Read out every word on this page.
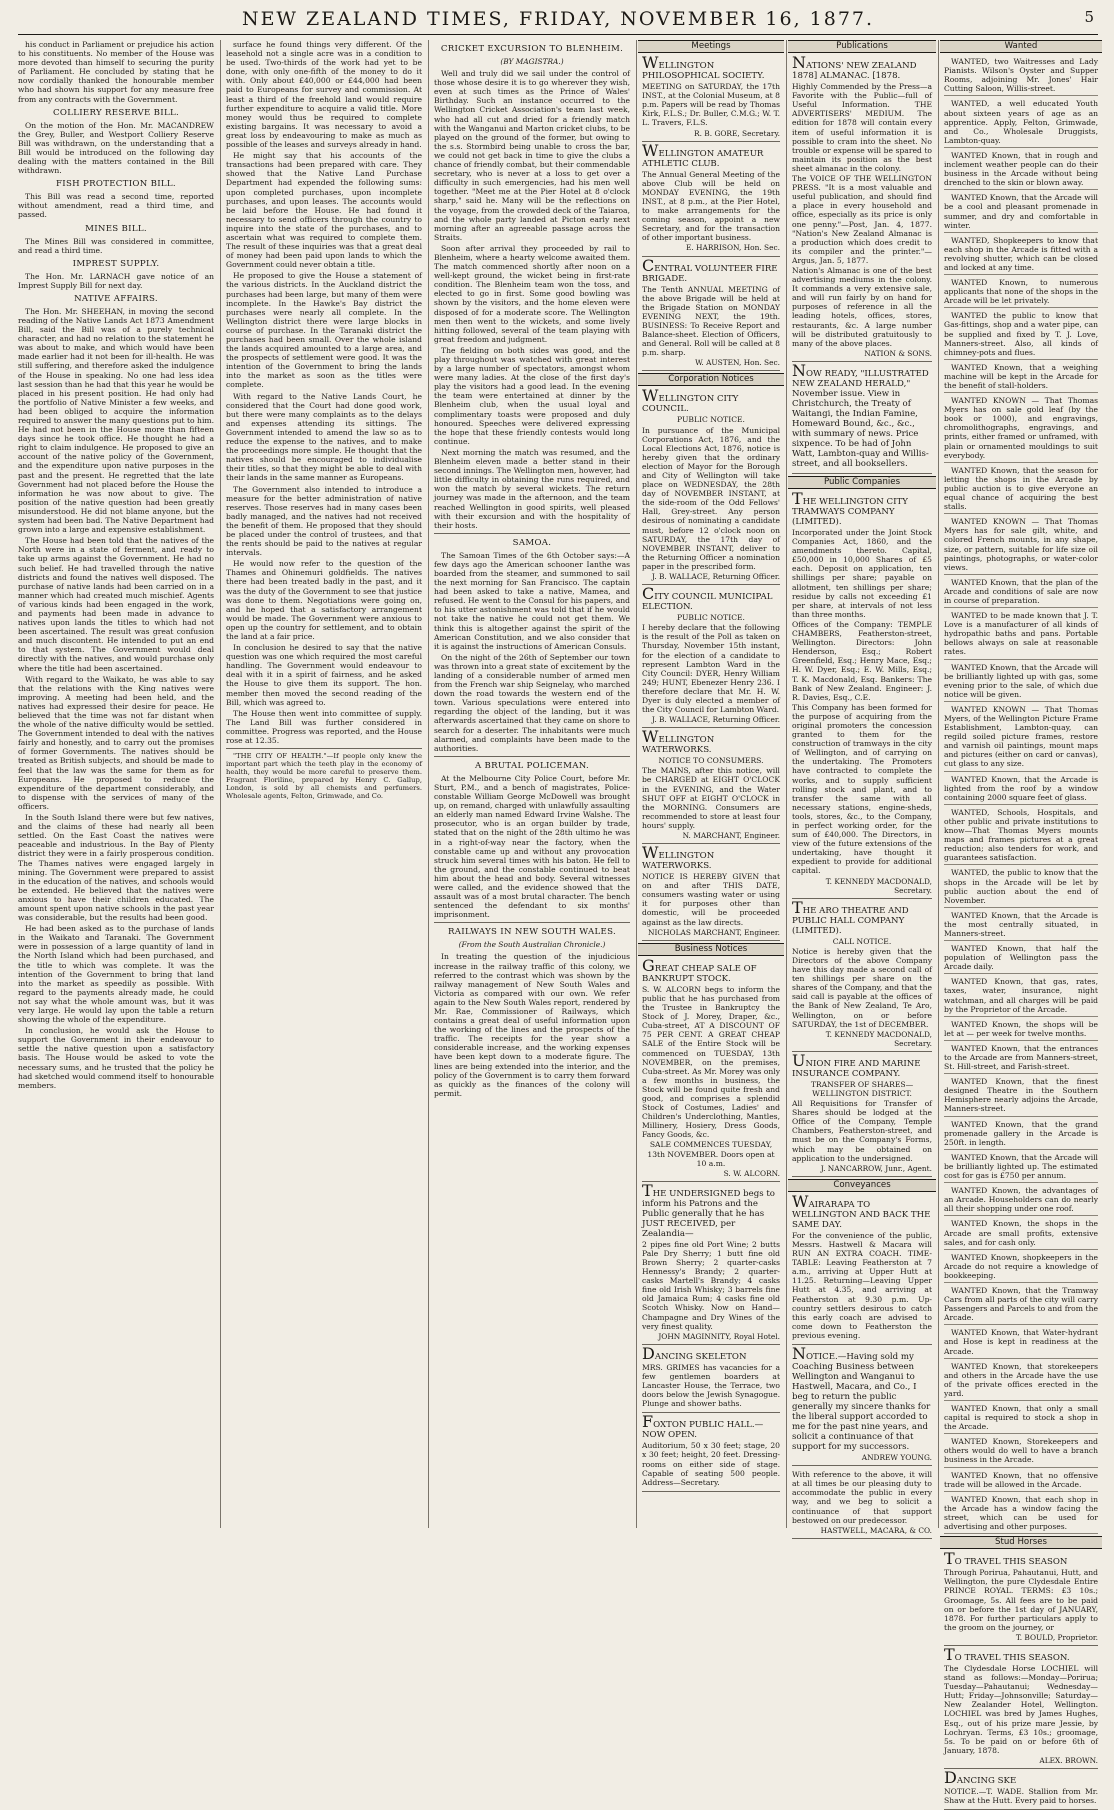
NEW ZEALAND TIMES, FRIDAY, NOVEMBER 16, 1877.	5

his conduct in Parliament or prejudice his action to his constituents. No member of the House was more devoted than himself to securing the purity of Parliament. He concluded by stating that he now cordially thanked the honourable member who had shown his support for any measure free from any contracts with the Government.

COLLIERY RESERVE BILL.

On the motion of the Hon. Mr. MACANDREW the Grey, Buller, and Westport Colliery Reserve Bill was withdrawn, on the understanding that a Bill would be introduced on the following day dealing with the matters contained in the Bill withdrawn.

FISH PROTECTION BILL.

This Bill was read a second time, reported without amendment, read a third time, and passed.

MINES BILL.

The Mines Bill was considered in committee, and read a third time.

IMPREST SUPPLY.

The Hon. Mr. LARNACH gave notice of an Imprest Supply Bill for next day.

NATIVE AFFAIRS.

The Hon. Mr. SHEEHAN, in moving the second reading of the Native Lands Act 1873 Amendment Bill, said the Bill was of a purely technical character, and had no relation to the statement he was about to make, and which would have been made earlier had it not been for ill-health. He was still suffering, and therefore asked the indulgence of the House in speaking. No one had less idea last session than he had that this year he would be placed in his present position. He had only had the portfolio of Native Minister a few weeks, and had been obliged to acquire the information required to answer the many questions put to him. He had not been in the House more than fifteen days since he took office. He thought he had a right to claim indulgence. He proposed to give an account of the native policy of the Government, and the expenditure upon native purposes in the past and the present. He regretted that the late Government had not placed before the House the information he was now about to give. The position of the native question had been greatly misunderstood. He did not blame anyone, but the system had been bad. The Native Department had grown into a large and expensive establishment.

The House had been told that the natives of the North were in a state of ferment, and ready to take up arms against the Government. He had no such belief. He had travelled through the native districts and found the natives well disposed. The purchase of native lands had been carried on in a manner which had created much mischief. Agents of various kinds had been engaged in the work, and payments had been made in advance to natives upon lands the titles to which had not been ascertained. The result was great confusion and much discontent. He intended to put an end to that system. The Government would deal directly with the natives, and would purchase only where the title had been ascertained.

With regard to the Waikato, he was able to say that the relations with the King natives were improving. A meeting had been held, and the natives had expressed their desire for peace. He believed that the time was not far distant when the whole of the native difficulty would be settled. The Government intended to deal with the natives fairly and honestly, and to carry out the promises of former Governments. The natives should be treated as British subjects, and should be made to feel that the law was the same for them as for Europeans. He proposed to reduce the expenditure of the department considerably, and to dispense with the services of many of the officers.

In the South Island there were but few natives, and the claims of these had nearly all been settled. On the East Coast the natives were peaceable and industrious. In the Bay of Plenty district they were in a fairly prosperous condition. The Thames natives were engaged largely in mining. The Government were prepared to assist in the education of the natives, and schools would be extended. He believed that the natives were anxious to have their children educated. The amount spent upon native schools in the past year was considerable, but the results had been good.

He had been asked as to the purchase of lands in the Waikato and Taranaki. The Government were in possession of a large quantity of land in the North Island which had been purchased, and the title to which was complete. It was the intention of the Government to bring that land into the market as speedily as possible. With regard to the payments already made, he could not say what the whole amount was, but it was very large. He would lay upon the table a return showing the whole of the expenditure.

In conclusion, he would ask the House to support the Government in their endeavour to settle the native question upon a satisfactory basis. The House would be asked to vote the necessary sums, and he trusted that the policy he had sketched would commend itself to honourable members.

surface he found things very different. Of the leasehold not a single acre was in a condition to be used. Two-thirds of the work had yet to be done, with only one-fifth of the money to do it with. Only about £40,000 or £44,000 had been paid to Europeans for survey and commission. At least a third of the freehold land would require further expenditure to acquire a valid title. More money would thus be required to complete existing bargains. It was necessary to avoid a great loss by endeavouring to make as much as possible of the leases and surveys already in hand.

He might say that his accounts of the transactions had been prepared with care. They showed that the Native Land Purchase Department had expended the following sums: upon completed purchases, upon incomplete purchases, and upon leases. The accounts would be laid before the House. He had found it necessary to send officers through the country to inquire into the state of the purchases, and to ascertain what was required to complete them. The result of these inquiries was that a great deal of money had been paid upon lands to which the Government could never obtain a title.

He proposed to give the House a statement of the various districts. In the Auckland district the purchases had been large, but many of them were incomplete. In the Hawke's Bay district the purchases were nearly all complete. In the Wellington district there were large blocks in course of purchase. In the Taranaki district the purchases had been small. Over the whole island the lands acquired amounted to a large area, and the prospects of settlement were good. It was the intention of the Government to bring the lands into the market as soon as the titles were complete.

With regard to the Native Lands Court, he considered that the Court had done good work, but there were many complaints as to the delays and expenses attending its sittings. The Government intended to amend the law so as to reduce the expense to the natives, and to make the proceedings more simple. He thought that the natives should be encouraged to individualise their titles, so that they might be able to deal with their lands in the same manner as Europeans.

The Government also intended to introduce a measure for the better administration of native reserves. Those reserves had in many cases been badly managed, and the natives had not received the benefit of them. He proposed that they should be placed under the control of trustees, and that the rents should be paid to the natives at regular intervals.

He would now refer to the question of the Thames and Ohinemuri goldfields. The natives there had been treated badly in the past, and it was the duty of the Government to see that justice was done to them. Negotiations were going on, and he hoped that a satisfactory arrangement would be made. The Government were anxious to open up the country for settlement, and to obtain the land at a fair price.

In conclusion he desired to say that the native question was one which required the most careful handling. The Government would endeavour to deal with it in a spirit of fairness, and he asked the House to give them its support. The hon. member then moved the second reading of the Bill, which was agreed to.

The House then went into committee of supply. The Land Bill was further considered in committee. Progress was reported, and the House rose at 12.35.

"THE CITY OF HEALTH."—If people only knew the important part which the teeth play in the economy of health, they would be more careful to preserve them. Fragrant Floriline, prepared by Henry C. Gallup, London, is sold by all chemists and perfumers. Wholesale agents, Felton, Grimwade, and Co.

CRICKET EXCURSION TO BLENHEIM.
(BY MAGISTRA.)

Well and truly did we sail under the control of those whose desire it is to go wherever they wish, even at such times as the Prince of Wales' Birthday. Such an instance occurred to the Wellington Cricket Association's team last week, who had all cut and dried for a friendly match with the Wanganui and Marton cricket clubs, to be played on the ground of the former, but owing to the s.s. Stormbird being unable to cross the bar, we could not get back in time to give the clubs a chance of friendly combat, but their commendable secretary, who is never at a loss to get over a difficulty in such emergencies, had his men well together. "Meet me at the Pier Hotel at 8 o'clock sharp," said he. Many will be the reflections on the voyage, from the crowded deck of the Taiaroa, and the whole party landed at Picton early next morning after an agreeable passage across the Straits.

Soon after arrival they proceeded by rail to Blenheim, where a hearty welcome awaited them. The match commenced shortly after noon on a well-kept ground, the wicket being in first-rate condition. The Blenheim team won the toss, and elected to go in first. Some good bowling was shown by the visitors, and the home eleven were disposed of for a moderate score. The Wellington men then went to the wickets, and some lively hitting followed, several of the team playing with great freedom and judgment.

The fielding on both sides was good, and the play throughout was watched with great interest by a large number of spectators, amongst whom were many ladies. At the close of the first day's play the visitors had a good lead. In the evening the team were entertained at dinner by the Blenheim club, when the usual loyal and complimentary toasts were proposed and duly honoured. Speeches were delivered expressing the hope that these friendly contests would long continue.

Next morning the match was resumed, and the Blenheim eleven made a better stand in their second innings. The Wellington men, however, had little difficulty in obtaining the runs required, and won the match by several wickets. The return journey was made in the afternoon, and the team reached Wellington in good spirits, well pleased with their excursion and with the hospitality of their hosts.

SAMOA.

The Samoan Times of the 6th October says:—A few days ago the American schooner Ianthe was boarded from the steamer, and summoned to sail the next morning for San Francisco. The captain had been asked to take a native, Mamea, and refused. He went to the Consul for his papers, and to his utter astonishment was told that if he would not take the native he could not get them. We think this is altogether against the spirit of the American Constitution, and we also consider that it is against the instructions of American Consuls.

On the night of the 26th of September our town was thrown into a great state of excitement by the landing of a considerable number of armed men from the French war ship Seignelay, who marched down the road towards the western end of the town. Various speculations were entered into regarding the object of the landing, but it was afterwards ascertained that they came on shore to search for a deserter. The inhabitants were much alarmed, and complaints have been made to the authorities.

A BRUTAL POLICEMAN.

At the Melbourne City Police Court, before Mr. Sturt, P.M., and a bench of magistrates, Police-constable William George McDowell was brought up, on remand, charged with unlawfully assaulting an elderly man named Edward Irvine Walshe. The prosecutor, who is an organ builder by trade, stated that on the night of the 28th ultimo he was in a right-of-way near the factory, when the constable came up and without any provocation struck him several times with his baton. He fell to the ground, and the constable continued to beat him about the head and body. Several witnesses were called, and the evidence showed that the assault was of a most brutal character. The bench sentenced the defendant to six months' imprisonment.

RAILWAYS IN NEW SOUTH WALES.
(From the South Australian Chronicle.)

In treating the question of the injudicious increase in the railway traffic of this colony, we referred to the contrast which was shown by the railway management of New South Wales and Victoria as compared with our own. We refer again to the New South Wales report, rendered by Mr. Rae, Commissioner of Railways, which contains a great deal of useful information upon the working of the lines and the prospects of the traffic. The receipts for the year show a considerable increase, and the working expenses have been kept down to a moderate figure. The lines are being extended into the interior, and the policy of the Government is to carry them forward as quickly as the finances of the colony will permit.

Meetings
WELLINGTON PHILOSOPHICAL SOCIETY.

MEETING on SATURDAY, the 17th INST., at the Colonial Museum, at 8 p.m. Papers will be read by Thomas Kirk, F.L.S.; Dr. Buller, C.M.G.; W. T. L. Travers, F.L.S.

R. B. GORE, Secretary.
WELLINGTON AMATEUR ATHLETIC CLUB.

The Annual General Meeting of the above Club will be held on MONDAY EVENING, the 19th INST., at 8 p.m., at the Pier Hotel, to make arrangements for the coming season, appoint a new Secretary, and for the transaction of other important business.

E. HARRISON, Hon. Sec.
CENTRAL VOLUNTEER FIRE BRIGADE.

The Tenth ANNUAL MEETING of the above Brigade will be held at the Brigade Station on MONDAY EVENING NEXT, the 19th. BUSINESS: To Receive Report and Balance-sheet. Election of Officers, and General. Roll will be called at 8 p.m. sharp.

W. AUSTEN, Hon. Sec.
Corporation Notices
WELLINGTON CITY COUNCIL.

PUBLIC NOTICE.

In pursuance of the Municipal Corporations Act, 1876, and the Local Elections Act, 1876, notice is hereby given that the ordinary election of Mayor for the Borough and City of Wellington will take place on WEDNESDAY, the 28th day of NOVEMBER INSTANT, at the side-room of the Odd Fellows' Hall, Grey-street. Any person desirous of nominating a candidate must, before 12 o'clock noon on SATURDAY, the 17th day of NOVEMBER INSTANT, deliver to the Returning Officer a nomination paper in the prescribed form.

J. B. WALLACE, Returning Officer.
CITY COUNCIL MUNICIPAL ELECTION.

PUBLIC NOTICE.

I hereby declare that the following is the result of the Poll as taken on Thursday, November 15th instant, for the election of a candidate to represent Lambton Ward in the City Council: DYER, Henry William 249; HUNT, Ebenezer Henry 236. I therefore declare that Mr. H. W. Dyer is duly elected a member of the City Council for Lambton Ward.

J. B. WALLACE, Returning Officer.
WELLINGTON WATERWORKS.

NOTICE TO CONSUMERS.

The MAINS, after this notice, will be CHARGED at EIGHT O'CLOCK in the EVENING, and the Water SHUT OFF at EIGHT O'CLOCK in the MORNING. Consumers are recommended to store at least four hours' supply.

N. MARCHANT, Engineer.
WELLINGTON WATERWORKS.

NOTICE IS HEREBY GIVEN that on and after THIS DATE, consumers wasting water or using it for purposes other than domestic, will be proceeded against as the law directs.

NICHOLAS MARCHANT, Engineer.
Business Notices
GREAT CHEAP SALE OF BANKRUPT STOCK.

S. W. ALCORN begs to inform the public that he has purchased from the Trustee in Bankruptcy the Stock of J. Morey, Draper, &c., Cuba-street, AT A DISCOUNT OF 75 PER CENT. A GREAT CHEAP SALE of the Entire Stock will be commenced on TUESDAY, 13th NOVEMBER, on the premises, Cuba-street. As Mr. Morey was only a few months in business, the Stock will be found quite fresh and good, and comprises a splendid Stock of Costumes, Ladies' and Children's Underclothing, Mantles, Millinery, Hosiery, Dress Goods, Fancy Goods, &c.

SALE COMMENCES TUESDAY, 13th NOVEMBER. Doors open at 10 a.m.

S. W. ALCORN.
THE UNDERSIGNED begs to inform his Patrons and the Public generally that he has JUST RECEIVED, per Zealandia—

2 pipes fine old Port Wine; 2 butts Pale Dry Sherry; 1 butt fine old Brown Sherry; 2 quarter-casks Hennessy's Brandy; 2 quarter-casks Martell's Brandy; 4 casks fine old Irish Whisky; 3 barrels fine old Jamaica Rum; 4 casks fine old Scotch Whisky. Now on Hand—Champagne and Dry Wines of the very finest quality.

JOHN MAGINNITY, Royal Hotel.
DANCING SKELETON

MRS. GRIMES has vacancies for a few gentlemen boarders at Lancaster House, the Terrace, two doors below the Jewish Synagogue. Plunge and shower baths.

FOXTON PUBLIC HALL.—NOW OPEN.

Auditorium, 50 x 30 feet; stage, 20 x 30 feet; height, 20 feet. Dressing-rooms on either side of stage. Capable of seating 500 people. Address—Secretary.

Publications
NATIONS' NEW ZEALAND 1878] ALMANAC. [1878.

Highly Commended by the Press—a Favorite with the Public—full of Useful Information. THE ADVERTISERS' MEDIUM. The edition for 1878 will contain every item of useful information it is possible to cram into the sheet. No trouble or expense will be spared to maintain its position as the best sheet almanac in the colony.

The VOICE OF THE WELLINGTON PRESS. "It is a most valuable and useful publication, and should find a place in every household and office, especially as its price is only one penny."—Post, Jan. 4, 1877. "Nation's New Zealand Almanac is a production which does credit to its compiler and the printer."—Argus, Jan. 5, 1877.

Nation's Almanac is one of the best advertising mediums in the colony. It commands a very extensive sale, and will run fairly by on hand for purposes of reference in all the leading hotels, offices, stores, restaurants, &c. A large number will be distributed gratuitously to many of the above places.

NATION & SONS.
NOW READY, "ILLUSTRATED NEW ZEALAND HERALD," November issue. View in Christchurch, the Treaty of Waitangi, the Indian Famine, Homeward Bound, &c., &c., with summary of news. Price sixpence. To be had of John Watt, Lambton-quay and Willis-street, and all booksellers.
Public Companies
THE WELLINGTON CITY TRAMWAYS COMPANY (LIMITED).

Incorporated under the Joint Stock Companies Act, 1860, and the amendments thereto. Capital, £50,000 in 10,000 Shares of £5 each. Deposit on application, ten shillings per share; payable on allotment, ten shillings per share; residue by calls not exceeding £1 per share, at intervals of not less than three months.

Offices of the Company: TEMPLE CHAMBERS, Featherston-street, Wellington. Directors: John Henderson, Esq.; Robert Greenfield, Esq.; Henry Mace, Esq.; H. W. Dyer, Esq.; E. W. Mills, Esq.; T. K. Macdonald, Esq. Bankers: The Bank of New Zealand. Engineer: J. R. Davies, Esq., C.E.

This Company has been formed for the purpose of acquiring from the original promoters the concession granted to them for the construction of tramways in the city of Wellington, and of carrying on the undertaking. The Promoters have contracted to complete the works, and to supply sufficient rolling stock and plant, and to transfer the same with all necessary stations, engine-sheds, tools, stores, &c., to the Company, in perfect working order, for the sum of £40,000. The Directors, in view of the future extensions of the undertaking, have thought it expedient to provide for additional capital.

T. KENNEDY MACDONALD, Secretary.
THE ARO THEATRE AND PUBLIC HALL COMPANY (LIMITED).

CALL NOTICE.

Notice is hereby given that the Directors of the above Company have this day made a second call of ten shillings per share on the shares of the Company, and that the said call is payable at the offices of the Bank of New Zealand, Te Aro, Wellington, on or before SATURDAY, the 1st of DECEMBER.

T. KENNEDY MACDONALD, Secretary.
UNION FIRE AND MARINE INSURANCE COMPANY.

TRANSFER OF SHARES—WELLINGTON DISTRICT.

All Requisitions for Transfer of Shares should be lodged at the Office of the Company, Temple Chambers, Featherston-street, and must be on the Company's Forms, which may be obtained on application to the undersigned.

J. NANCARROW, Junr., Agent.
Conveyances
WAIRARAPA TO WELLINGTON AND BACK THE SAME DAY.

For the convenience of the public, Messrs. Hastwell & Macara will RUN AN EXTRA COACH. TIME-TABLE: Leaving Featherston at 7 a.m., arriving at Upper Hutt at 11.25. Returning—Leaving Upper Hutt at 4.35, and arriving at Featherston at 9.30 p.m. Up-country settlers desirous to catch this early coach are advised to come down to Featherston the previous evening.

NOTICE.—Having sold my Coaching Business between Wellington and Wanganui to Hastwell, Macara, and Co., I beg to return the public generally my sincere thanks for the liberal support accorded to me for the past nine years, and solicit a continuance of that support for my successors.
ANDREW YOUNG.

With reference to the above, it will at all times be our pleasing duty to accommodate the public in every way, and we beg to solicit a continuance of that support bestowed on our predecessor.

HASTWELL, MACARA, & CO.
Wanted

WANTED, two Waitresses and Lady Pianists. Wilson's Oyster and Supper Rooms, adjoining Mr. Jones' Hair Cutting Saloon, Willis-street.

WANTED, a well educated Youth about sixteen years of age as an apprentice. Apply, Felton, Grimwade, and Co., Wholesale Druggists, Lambton-quay.

WANTED Known, that in rough and inclement weather people can do their business in the Arcade without being drenched to the skin or blown away.

WANTED Known, that the Arcade will be a cool and pleasant promenade in summer, and dry and comfortable in winter.

WANTED, Shopkeepers to know that each shop in the Arcade is fitted with a revolving shutter, which can be closed and locked at any time.

WANTED Known, to numerous applicants that none of the shops in the Arcade will be let privately.

WANTED the public to know that Gas-fittings, shop and a water pipe, can be supplied and fixed by T. J. Love, Manners-street. Also, all kinds of chimney-pots and flues.

WANTED Known, that a weighing machine will be kept in the Arcade for the benefit of stall-holders.

WANTED KNOWN — That Thomas Myers has on sale gold leaf (by the book or 1000), and engravings, chromolithographs, engravings, and prints, either framed or unframed, with plain or ornamented mouldings to suit everybody.

WANTED Known, that the season for letting the shops in the Arcade by public auction is to give everyone an equal chance of acquiring the best stalls.

WANTED KNOWN — That Thomas Myers has for sale gilt, white, and colored French mounts, in any shape, size, or pattern, suitable for life size oil paintings, photographs, or water-color views.

WANTED Known, that the plan of the Arcade and conditions of sale are now in course of preparation.

WANTED to be made known that J. T. Love is a manufacturer of all kinds of hydropathic baths and pans. Portable bellows always on sale at reasonable rates.

WANTED Known, that the Arcade will be brilliantly lighted up with gas, some evening prior to the sale, of which due notice will be given.

WANTED KNOWN — That Thomas Myers, of the Wellington Picture Frame Establishment, Lambton-quay, can regild soiled picture frames, restore and varnish oil paintings, mount maps and pictures (either on card or canvas), cut glass to any size.

WANTED Known, that the Arcade is lighted from the roof by a window containing 2000 square feet of glass.

WANTED, Schools, Hospitals, and other public and private institutions to know—That Thomas Myers mounts maps and frames pictures at a great reduction; also tenders for work, and guarantees satisfaction.

WANTED, the public to know that the shops in the Arcade will be let by public auction about the end of November.

WANTED Known, that the Arcade is the most centrally situated, in Manners-street.

WANTED Known, that half the population of Wellington pass the Arcade daily.

WANTED Known, that gas, rates, taxes, water, insurance, night watchman, and all charges will be paid by the Proprietor of the Arcade.

WANTED Known, the shops will be let at — per week for twelve months.

WANTED Known, that the entrances to the Arcade are from Manners-street, St. Hill-street, and Farish-street.

WANTED Known, that the finest designed Theatre in the Southern Hemisphere nearly adjoins the Arcade, Manners-street.

WANTED Known, that the grand promenade gallery in the Arcade is 250ft. in length.

WANTED Known, that the Arcade will be brilliantly lighted up. The estimated cost for gas is £750 per annum.

WANTED Known, the advantages of an Arcade. Householders can do nearly all their shopping under one roof.

WANTED Known, the shops in the Arcade are small profits, extensive sales, and for cash only.

WANTED Known, shopkeepers in the Arcade do not require a knowledge of bookkeeping.

WANTED Known, that the Tramway Cars from all parts of the city will carry Passengers and Parcels to and from the Arcade.

WANTED Known, that Water-hydrant and Hose is kept in readiness at the Arcade.

WANTED Known, that storekeepers and others in the Arcade have the use of the private offices erected in the yard.

WANTED Known, that only a small capital is required to stock a shop in the Arcade.

WANTED Known, Storekeepers and others would do well to have a branch business in the Arcade.

WANTED Known, that no offensive trade will be allowed in the Arcade.

WANTED Known, that each shop in the Arcade has a window facing the street, which can be used for advertising and other purposes.

Stud Horses
TO TRAVEL THIS SEASON

Through Porirua, Pahautanui, Hutt, and Wellington, the pure Clydesdale Entire PRINCE ROYAL. TERMS: £3 10s.; Groomage, 5s. All fees are to be paid on or before the 1st day of JANUARY, 1878. For further particulars apply to the groom on the journey, or

T. BOULD, Proprietor.
TO TRAVEL THIS SEASON.

The Clydesdale Horse LOCHIEL will stand as follows:—Monday—Porirua; Tuesday—Pahautanui; Wednesday—Hutt; Friday—Johnsonville; Saturday—New Zealander Hotel, Wellington. LOCHIEL was bred by James Hughes, Esq., out of his prize mare Jessie, by Lochryan. Terms, £3 10s.; groomage, 5s. To be paid on or before 6th of January, 1878.

ALEX. BROWN.
DANCING SKE

NOTICE.—T. WADE. Stallion from Mr. Shaw at the Hutt. Every paid to horses.
